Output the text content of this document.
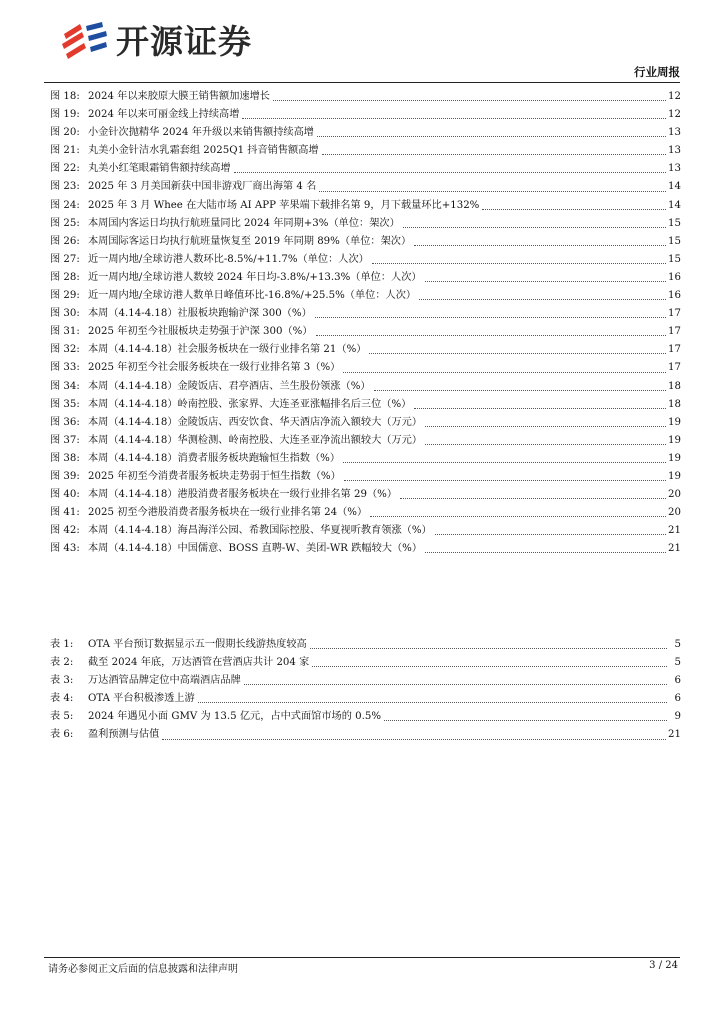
开源证券
行业周报
图 18: 2024 年以来胶原大膜王销售额加速增长	12
图 19: 2024 年以来可丽金线上持续高增	12
图 20: 小金针次抛精华 2024 年升级以来销售额持续高增	13
图 21: 丸美小金针洁水乳霜套组 2025Q1 抖音销售额高增	13
图 22: 丸美小红笔眼霜销售额持续高增	13
图 23: 2025 年 3 月美国新获中国非游戏厂商出海第 4 名	14
图 24: 2025 年 3 月 Whee 在大陆市场 AI APP 苹果端下载排名第 9，月下载量环比+132%	14
图 25: 本周国内客运日均执行航班量同比 2024 年同期+3%（单位：架次）	15
图 26: 本周国际客运日均执行航班量恢复至 2019 年同期 89%（单位：架次）	15
图 27: 近一周内地/全球访港人数环比-8.5%/+11.7%（单位：人次）	15
图 28: 近一周内地/全球访港人数较 2024 年日均-3.8%/+13.3%（单位：人次）	16
图 29: 近一周内地/全球访港人数单日峰值环比-16.8%/+25.5%（单位：人次）	16
图 30: 本周（4.14-4.18）社服板块跑输沪深 300（%）	17
图 31: 2025 年初至今社服板块走势强于沪深 300（%）	17
图 32: 本周（4.14-4.18）社会服务板块在一级行业排名第 21（%）	17
图 33: 2025 年初至今社会服务板块在一级行业排名第 3（%）	17
图 34: 本周（4.14-4.18）金陵饭店、君亭酒店、兰生股份领涨（%）	18
图 35: 本周（4.14-4.18）岭南控股、张家界、大连圣亚涨幅排名后三位（%）	18
图 36: 本周（4.14-4.18）金陵饭店、西安饮食、华天酒店净流入额较大（万元）	19
图 37: 本周（4.14-4.18）华测检测、岭南控股、大连圣亚净流出额较大（万元）	19
图 38: 本周（4.14-4.18）消费者服务板块跑输恒生指数（%）	19
图 39: 2025 年初至今消费者服务板块走势弱于恒生指数（%）	19
图 40: 本周（4.14-4.18）港股消费者服务板块在一级行业排名第 29（%）	20
图 41: 2025 初至今港股消费者服务板块在一级行业排名第 24（%）	20
图 42: 本周（4.14-4.18）海昌海洋公园、希教国际控股、华夏视听教育领涨（%）	21
图 43: 本周（4.14-4.18）中国儒意、BOSS 直聘-W、美团-WR 跌幅较大（%）	21
表 1:	OTA 平台预订数据显示五一假期长线游热度较高	5
表 2:	截至 2024 年底，万达酒管在营酒店共计 204 家	5
表 3:	万达酒管品牌定位中高端酒店品牌	6
表 4:	OTA 平台积极渗透上游	6
表 5:	2024 年遇见小面 GMV 为 13.5 亿元，占中式面馆市场的 0.5%	9
表 6:	盈利预测与估值	21
请务必参阅正文后面的信息披露和法律声明	3 / 24
